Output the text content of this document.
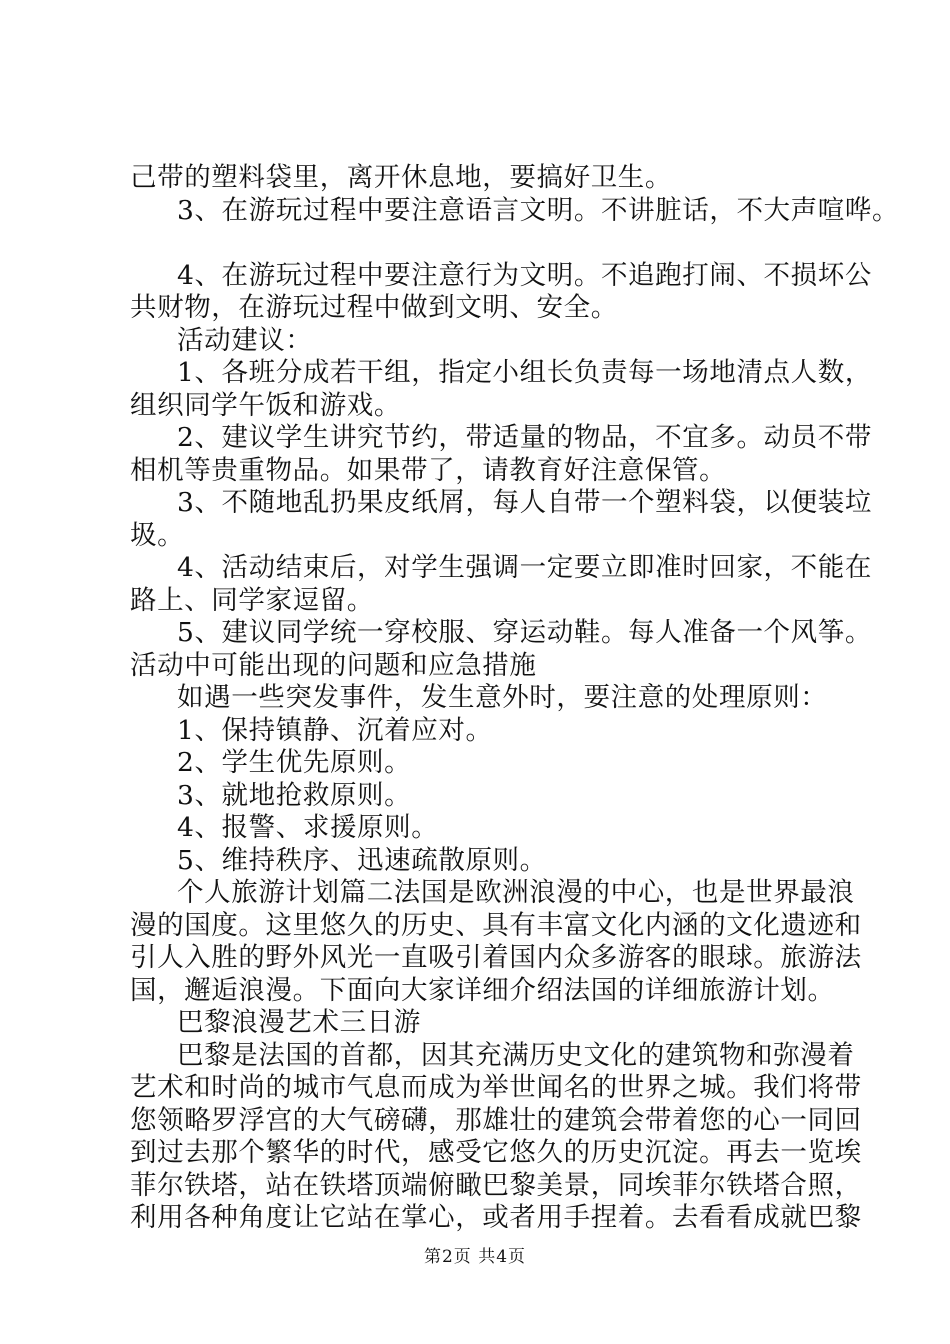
己带的塑料袋里，离开休息地，要搞好卫生。
3、在游玩过程中要注意语言文明。不讲脏话，不大声喧哗。
4、在游玩过程中要注意行为文明。不追跑打闹、不损坏公
共财物，在游玩过程中做到文明、安全。
活动建议：
1、各班分成若干组，指定小组长负责每一场地清点人数，
组织同学午饭和游戏。
2、建议学生讲究节约，带适量的物品，不宜多。动员不带
相机等贵重物品。如果带了，请教育好注意保管。
3、不随地乱扔果皮纸屑，每人自带一个塑料袋，以便装垃
圾。
4、活动结束后，对学生强调一定要立即准时回家，不能在
路上、同学家逗留。
5、建议同学统一穿校服、穿运动鞋。每人准备一个风筝。
活动中可能出现的问题和应急措施
如遇一些突发事件，发生意外时，要注意的处理原则：
1、保持镇静、沉着应对。
2、学生优先原则。
3、就地抢救原则。
4、报警、求援原则。
5、维持秩序、迅速疏散原则。
个人旅游计划篇二法国是欧洲浪漫的中心，也是世界最浪
漫的国度。这里悠久的历史、具有丰富文化内涵的文化遗迹和
引人入胜的野外风光一直吸引着国内众多游客的眼球。旅游法
国，邂逅浪漫。下面向大家详细介绍法国的详细旅游计划。
巴黎浪漫艺术三日游
巴黎是法国的首都，因其充满历史文化的建筑物和弥漫着
艺术和时尚的城市气息而成为举世闻名的世界之城。我们将带
您领略罗浮宫的大气磅礴，那雄壮的建筑会带着您的心一同回
到过去那个繁华的时代，感受它悠久的历史沉淀。再去一览埃
菲尔铁塔，站在铁塔顶端俯瞰巴黎美景，同埃菲尔铁塔合照，
利用各种角度让它站在掌心，或者用手捏着。去看看成就巴黎
第2页 共4页
